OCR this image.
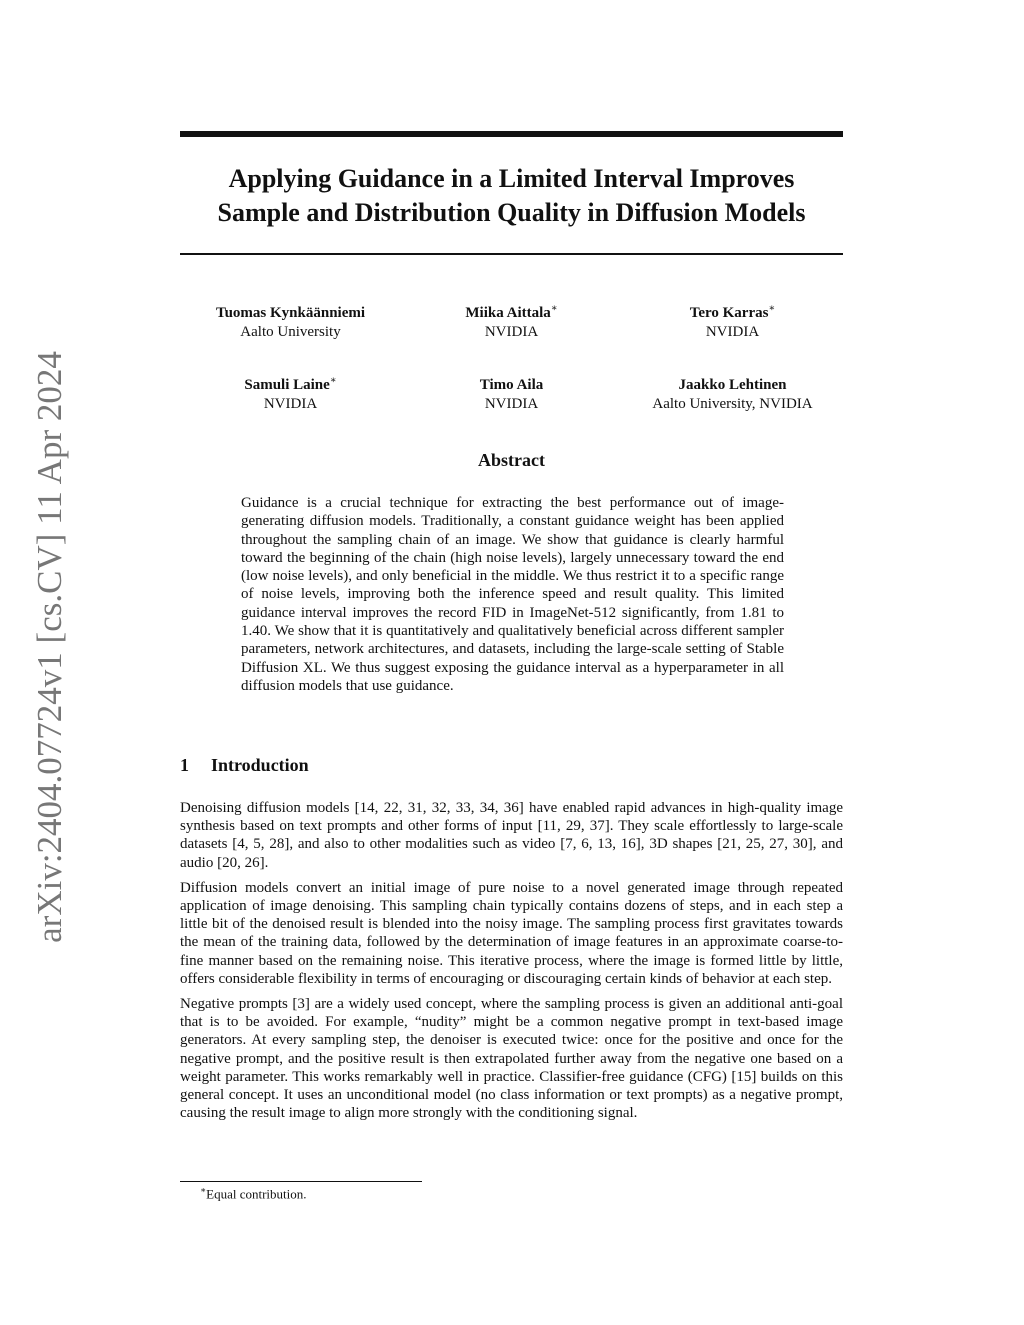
arXiv:2404.07724v1 [cs.CV] 11 Apr 2024
Applying Guidance in a Limited Interval Improves
Sample and Distribution Quality in Diffusion Models
Tuomas Kynkäänniemi
Aalto University
Miika Aittala∗
NVIDIA
Tero Karras∗
NVIDIA
Samuli Laine∗
NVIDIA
Timo Aila
NVIDIA
Jaakko Lehtinen
Aalto University, NVIDIA
Abstract
Guidance is a crucial technique for extracting the best performance out of image-generating diffusion models. Traditionally, a constant guidance weight has been applied throughout the sampling chain of an image. We show that guidance is clearly harmful toward the beginning of the chain (high noise levels), largely unnecessary toward the end (low noise levels), and only beneficial in the middle. We thus restrict it to a specific range of noise levels, improving both the inference speed and result quality. This limited guidance interval improves the record FID in ImageNet-512 significantly, from 1.81 to 1.40. We show that it is quantitatively and qualitatively beneficial across different sampler parameters, network architectures, and datasets, including the large-scale setting of Stable Diffusion XL. We thus suggest exposing the guidance interval as a hyperparameter in all diffusion models that use guidance.
1 Introduction

Denoising diffusion models [14, 22, 31, 32, 33, 34, 36] have enabled rapid advances in high-quality image synthesis based on text prompts and other forms of input [11, 29, 37]. They scale effortlessly to large-scale datasets [4, 5, 28], and also to other modalities such as video [7, 6, 13, 16], 3D shapes [21, 25, 27, 30], and audio [20, 26].

Diffusion models convert an initial image of pure noise to a novel generated image through repeated application of image denoising. This sampling chain typically contains dozens of steps, and in each step a little bit of the denoised result is blended into the noisy image. The sampling process first gravitates towards the mean of the training data, followed by the determination of image features in an approximate coarse-to-fine manner based on the remaining noise. This iterative process, where the image is formed little by little, offers considerable flexibility in terms of encouraging or discouraging certain kinds of behavior at each step.

Negative prompts [3] are a widely used concept, where the sampling process is given an additional anti-goal that is to be avoided. For example, “nudity” might be a common negative prompt in text-based image generators. At every sampling step, the denoiser is executed twice: once for the positive and once for the negative prompt, and the positive result is then extrapolated further away from the negative one based on a weight parameter. This works remarkably well in practice. Classifier-free guidance (CFG) [15] builds on this general concept. It uses an unconditional model (no class information or text prompts) as a negative prompt, causing the result image to align more strongly with the conditioning signal.

∗Equal contribution.
